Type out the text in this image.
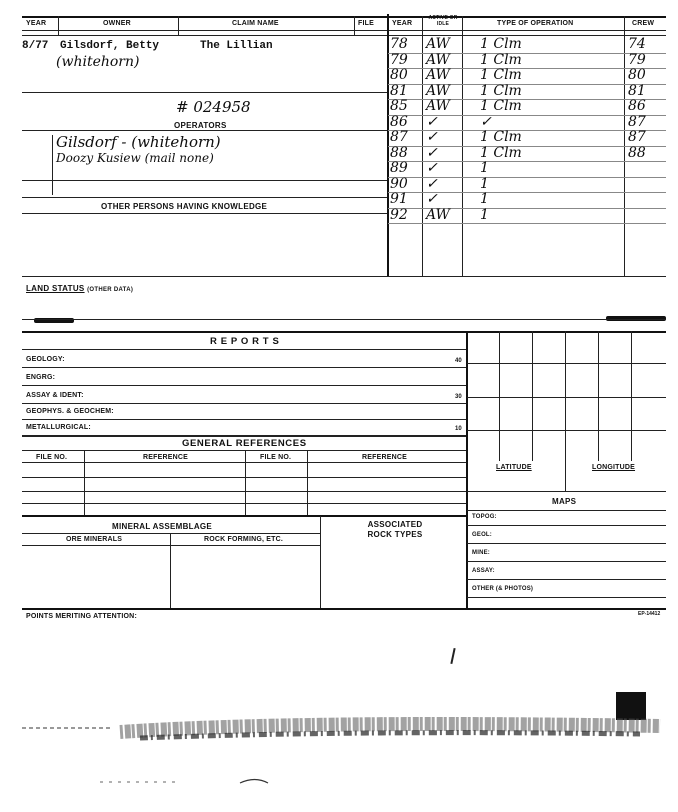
YEAR	OWNER	CLAIM NAME	FILE	YEAR
ACTIVE OR IDLE	TYPE OF OPERATION	CREW
8/77 Gilsdorf, Betty	The Lillian
(whitehorn)
# 024958
OPERATORS
Gilsdorf - (whitehorn)
Doozy Kusiew (mail none)
OTHER PERSONS HAVING KNOWLEDGE
78 AW 1 Clm	74
79 AW 1 Clm	79
80 AW 1 Clm	80
81 AW 1 Clm	81
85 AW 1 Clm	86
86 ✓	✓	87
87 ✓	1 Clm	87
88 ✓	1 Clm	88
89 ✓	1
90 ✓	1
91 ✓	1
92 AW 1
LAND STATUS (OTHER DATA)
R E P O R T S
GEOLOGY:	40
ENGRG:
ASSAY & IDENT:	30
GEOPHYS. & GEOCHEM:
METALLURGICAL:	10
LATITUDE	LONGITUDE
MAPS
TOPOG:
GEOL:
MINE:
ASSAY:
OTHER (& PHOTOS)
GENERAL REFERENCES
FILE NO.	REFERENCE	FILE NO.	REFERENCE
MINERAL ASSEMBLAGE	ASSOCIATED ROCK TYPES
ORE MINERALS	ROCK FORMING, ETC.
POINTS MERITING ATTENTION:	EP-14412
